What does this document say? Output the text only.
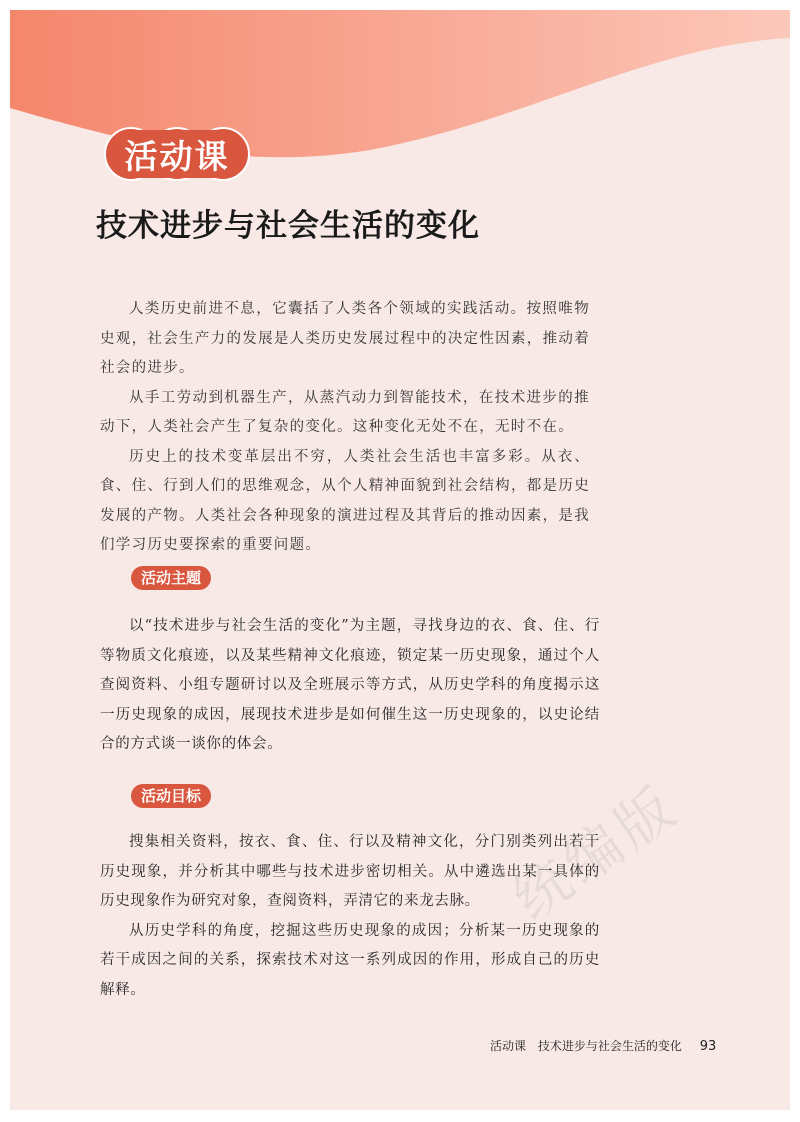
活动课
技术进步与社会生活的变化

人类历史前进不息，它囊括了人类各个领域的实践活动。按照唯物史观，社会生产力的发展是人类历史发展过程中的决定性因素，推动着社会的进步。

从手工劳动到机器生产，从蒸汽动力到智能技术，在技术进步的推动下，人类社会产生了复杂的变化。这种变化无处不在，无时不在。

历史上的技术变革层出不穷，人类社会生活也丰富多彩。从衣、食、住、行到人们的思维观念，从个人精神面貌到社会结构，都是历史发展的产物。人类社会各种现象的演进过程及其背后的推动因素，是我们学习历史要探索的重要问题。

活动主题

以“技术进步与社会生活的变化”为主题，寻找身边的衣、食、住、行等物质文化痕迹，以及某些精神文化痕迹，锁定某一历史现象，通过个人查阅资料、小组专题研讨以及全班展示等方式，从历史学科的角度揭示这一历史现象的成因，展现技术进步是如何催生这一历史现象的，以史论结合的方式谈一谈你的体会。

活动目标

搜集相关资料，按衣、食、住、行以及精神文化，分门别类列出若干历史现象，并分析其中哪些与技术进步密切相关。从中遴选出某一具体的历史现象作为研究对象，查阅资料，弄清它的来龙去脉。

从历史学科的角度，挖掘这些历史现象的成因；分析某一历史现象的若干成因之间的关系，探索技术对这一系列成因的作用，形成自己的历史解释。

统编版
活动课 技术进步与社会生活的变化 93
